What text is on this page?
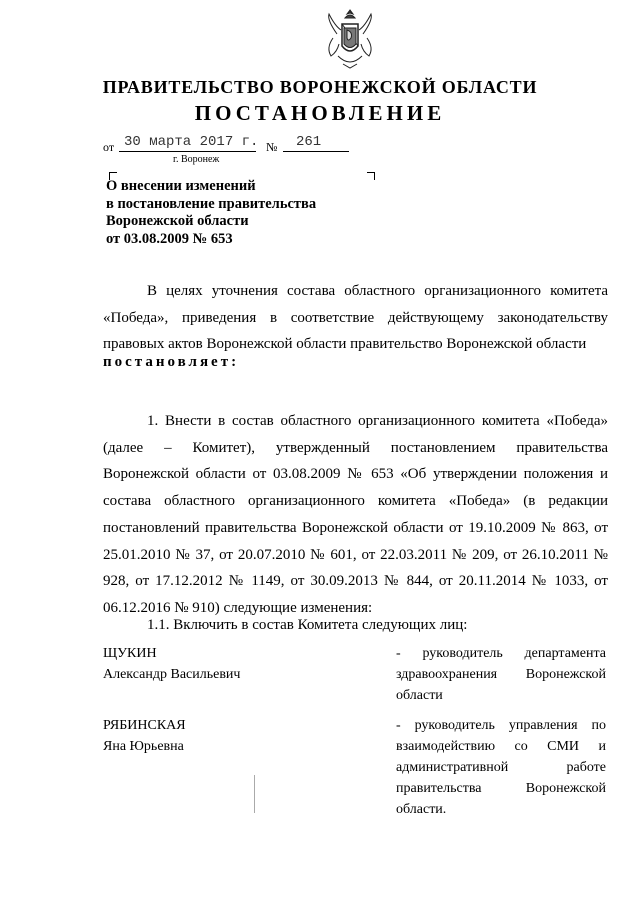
ПРАВИТЕЛЬСТВО ВОРОНЕЖСКОЙ ОБЛАСТИ
ПОСТАНОВЛЕНИЕ
от 30 марта 2017 г. № 261
г. Воронеж
О внесении изменений
в постановление правительства
Воронежской области
от 03.08.2009 № 653
В целях уточнения состава областного организационного комитета «Победа», приведения в соответствие действующему законодательству правовых актов Воронежской области правительство Воронежской области
постановляет:
1. Внести в состав областного организационного комитета «Победа» (далее – Комитет), утвержденный постановлением правительства Воронежской области от 03.08.2009 № 653 «Об утверждении положения и состава областного организационного комитета «Победа» (в редакции постановлений правительства Воронежской области от 19.10.2009 № 863, от 25.01.2010 № 37, от 20.07.2010 № 601, от 22.03.2011 № 209, от 26.10.2011 № 928, от 17.12.2012 № 1149, от 30.09.2013 № 844, от 20.11.2014 № 1033, от 06.12.2016 № 910) следующие изменения:
1.1. Включить в состав Комитета следующих лиц:
ЩУКИН
Александр Васильевич
- руководитель департамента здравоохранения Воронежской области
РЯБИНСКАЯ
Яна Юрьевна
- руководитель управления по взаимодействию со СМИ и административной работе правительства Воронежской области.
